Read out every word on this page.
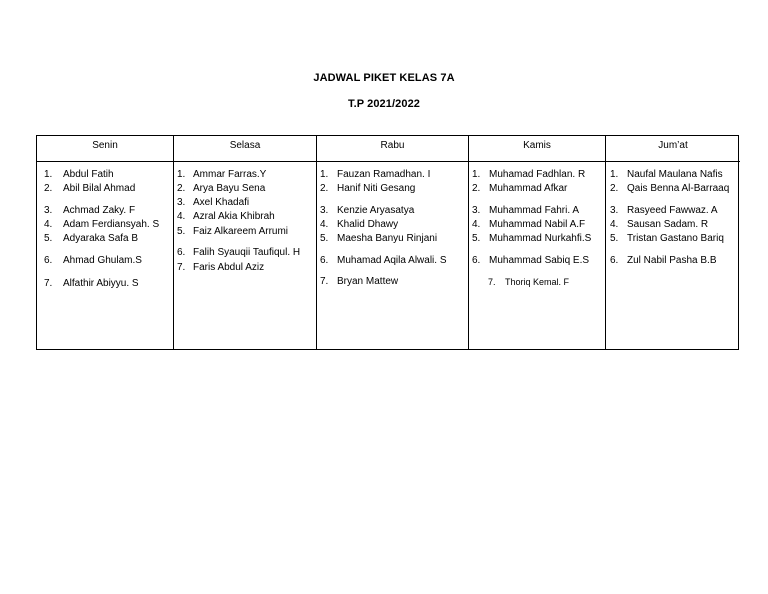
JADWAL PIKET KELAS 7A
T.P 2021/2022
Senin
1. Abdul Fatih
2. Abil Bilal Ahmad
3. Achmad Zaky. F
4. Adam Ferdiansyah. S
5. Adyaraka Safa B
6. Ahmad Ghulam.S
7. Alfathir Abiyyu. S
Selasa
1. Ammar Farras.Y
2. Arya Bayu Sena
3. Axel Khadafi
4. Azral Akia Khibrah
5. Faiz Alkareem Arrumi
6. Falih Syauqii Taufiqul. H
7. Faris Abdul Aziz
Rabu
1. Fauzan Ramadhan. I
2. Hanif Niti Gesang
3. Kenzie Aryasatya
4. Khalid Dhawy
5. Maesha Banyu Rinjani
6. Muhamad Aqila Alwali. S
7. Bryan Mattew
Kamis
1. Muhamad Fadhlan. R
2. Muhammad Afkar
3. Muhammad Fahri. A
4. Muhammad Nabil A.F
5. Muhammad Nurkahfi.S
6. Muhammad Sabiq E.S
7. Thoriq Kemal. F
Jum’at
1. Naufal Maulana Nafis
2. Qais Benna Al-Barraaq
3. Rasyeed Fawwaz. A
4. Sausan Sadam. R
5. Tristan Gastano Bariq
6. Zul Nabil Pasha B.B
